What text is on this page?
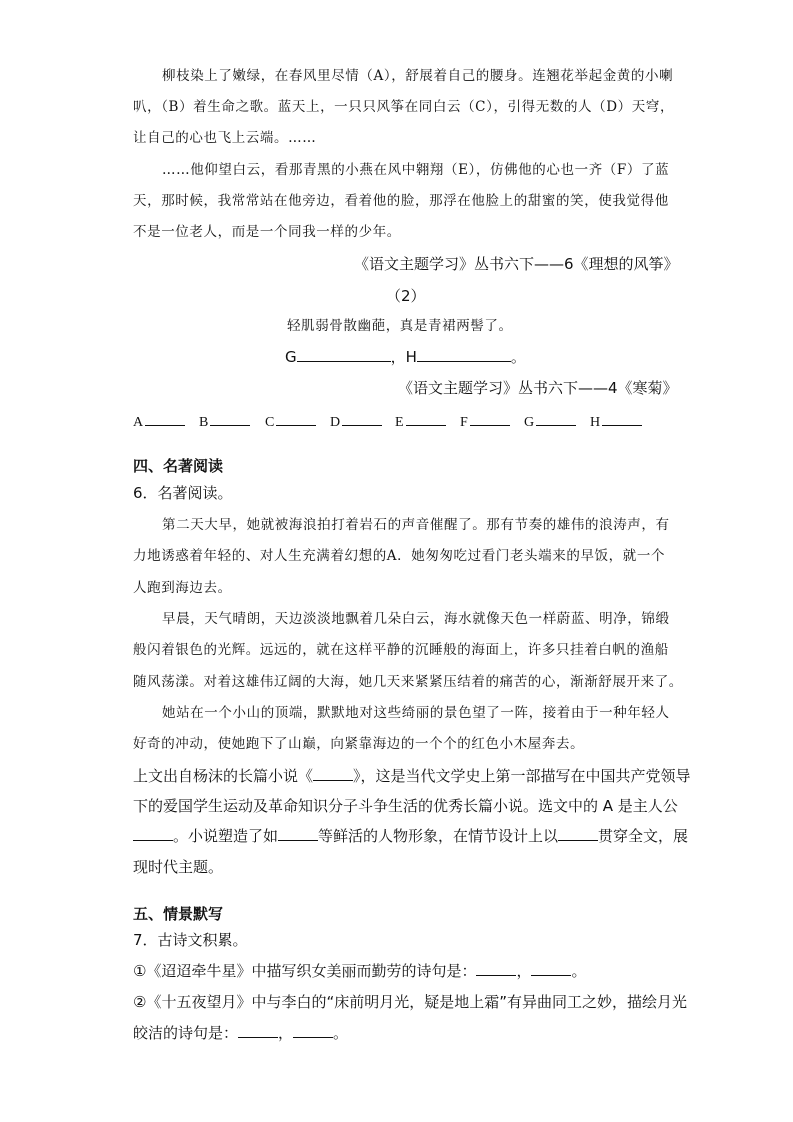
柳枝染上了嫩绿，在春风里尽情（A），舒展着自己的腰身。连翘花举起金黄的小喇
叭，（B）着生命之歌。蓝天上，一只只风筝在同白云（C），引得无数的人（D）天穹，
让自己的心也飞上云端。……
……他仰望白云，看那青黑的小燕在风中翱翔（E），仿佛他的心也一齐（F）了蓝
天，那时候，我常常站在他旁边，看着他的脸，那浮在他脸上的甜蜜的笑，使我觉得他
不是一位老人，而是一个同我一样的少年。
《语文主题学习》丛书六下——6《理想的风筝》
（2）
轻肌弱骨散幽葩，真是青裙两髻了。
G	，H	。
《语文主题学习》丛书六下——4《寒菊》
A	B	C	D	E	F	G	H
四、名著阅读
6．名著阅读。
第二天大早，她就被海浪拍打着岩石的声音催醒了。那有节奏的雄伟的浪涛声，有
力地诱惑着年轻的、对人生充满着幻想的A．她匆匆吃过看门老头端来的早饭，就一个
人跑到海边去。
早晨，天气晴朗，天边淡淡地飘着几朵白云，海水就像天色一样蔚蓝、明净，锦缎
般闪着银色的光辉。远远的，就在这样平静的沉睡般的海面上，许多只挂着白帆的渔船
随风荡漾。对着这雄伟辽阔的大海，她几天来紧紧压结着的痛苦的心，渐渐舒展开来了。
她站在一个小山的顶端，默默地对这些绮丽的景色望了一阵，接着由于一种年轻人
好奇的冲动，使她跑下了山巅，向紧靠海边的一个个的红色小木屋奔去。
上文出自杨沫的长篇小说《	》，这是当代文学史上第一部描写在中国共产党领导
下的爱国学生运动及革命知识分子斗争生活的优秀长篇小说。选文中的 A 是主人公
。小说塑造了如	等鲜活的人物形象，在情节设计上以	贯穿全文，展
现时代主题。
五、情景默写
7．古诗文积累。
①《迢迢牵牛星》中描写织女美丽而勤劳的诗句是：	，	。
②《十五夜望月》中与李白的“床前明月光，疑是地上霜”有异曲同工之妙，描绘月光
皎洁的诗句是：	，	。
